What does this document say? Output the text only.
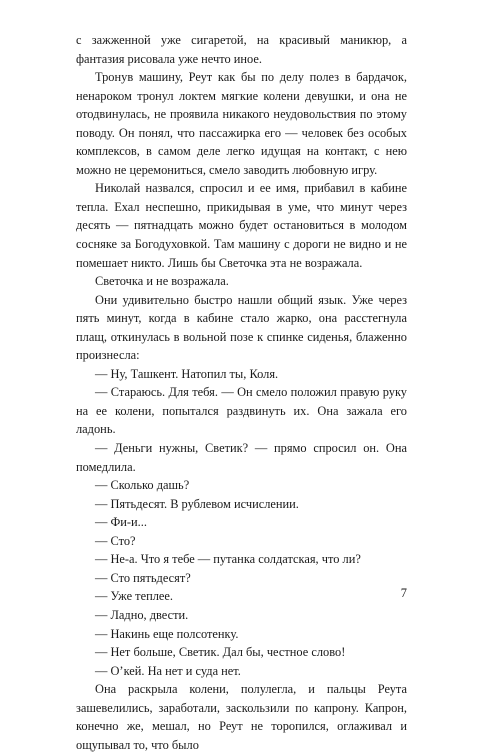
с зажженной уже сигаретой, на красивый маникюр, а фантазия рисовала уже нечто иное.

Тронув машину, Реут как бы по делу полез в бардачок, ненароком тронул локтем мягкие колени девушки, и она не отодвинулась, не проявила никакого неудовольствия по этому поводу. Он понял, что пассажирка его — человек без особых комплексов, в самом деле легко идущая на контакт, с нею можно не церемониться, смело заводить любовную игру.

Николай назвался, спросил и ее имя, прибавил в кабине тепла. Ехал неспешно, прикидывая в уме, что минут через десять — пятнадцать можно будет остановиться в молодом сосняке за Богодуховкой. Там машину с дороги не видно и не помешает никто. Лишь бы Светочка эта не возражала.

Светочка и не возражала.

Они удивительно быстро нашли общий язык. Уже через пять минут, когда в кабине стало жарко, она расстегнула плащ, откинулась в вольной позе к спинке сиденья, блаженно произнесла:

— Ну, Ташкент. Натопил ты, Коля.

— Стараюсь. Для тебя. — Он смело положил правую руку на ее колени, попытался раздвинуть их. Она зажала его ладонь.

— Деньги нужны, Светик? — прямо спросил он. Она помедлила.

— Сколько дашь?

— Пятьдесят. В рублевом исчислении.

— Фи-и...

— Сто?

— Не-а. Что я тебе — путанка солдатская, что ли?

— Сто пятьдесят?

— Уже теплее.

— Ладно, двести.

— Накинь еще полсотенку.

— Нет больше, Светик. Дал бы, честное слово!

— О’кей. На нет и суда нет.

Она раскрыла колени, полулегла, и пальцы Реута зашевелились, заработали, заскользили по капрону. Капрон, конечно же, мешал, но Реут не торопился, оглаживал и ощупывал то, что было

7
